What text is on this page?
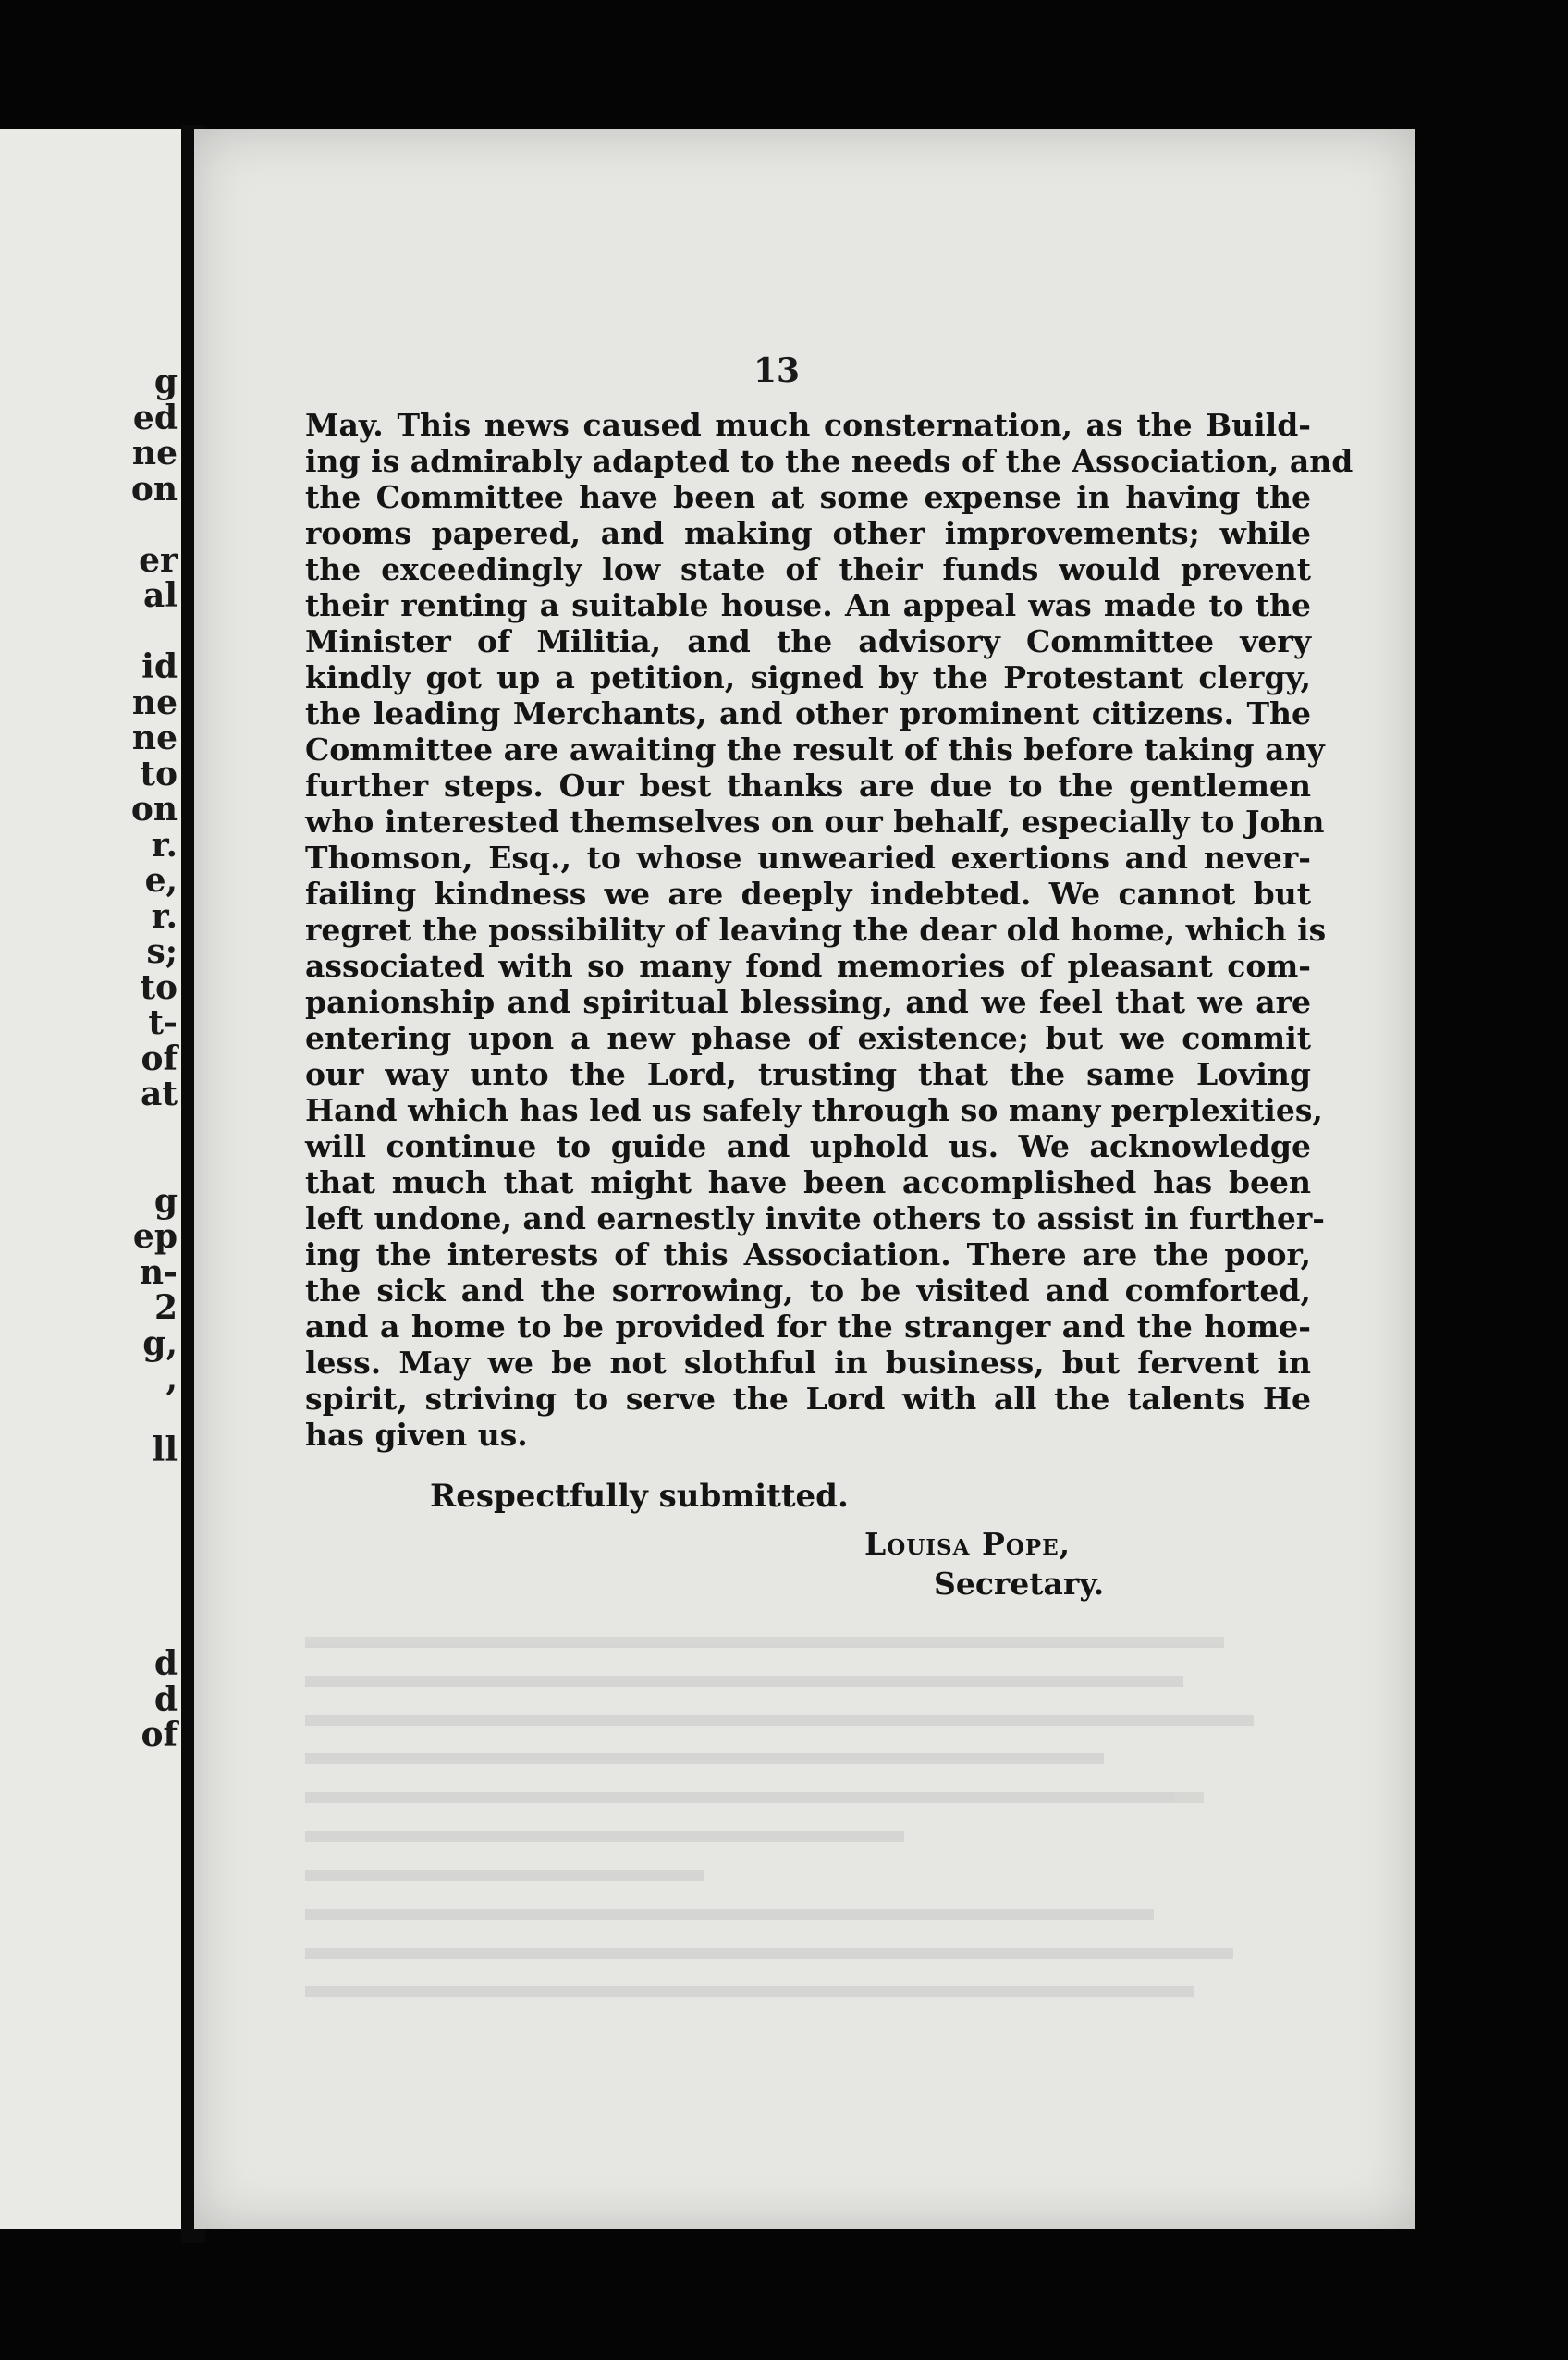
g
ed
ne
on
er
al
id
ne
ne
to
on
r.
e,
r.
s;
to
t-
of
at
g
ep
n-
2
g,
,
ll
d
d
of
13
May. This news caused much consternation, as the Build-
ing is admirably adapted to the needs of the Association, and
the Committee have been at some expense in having the
rooms papered, and making other improvements; while
the exceedingly low state of their funds would prevent
their renting a suitable house. An appeal was made to the
Minister of Militia, and the advisory Committee very
kindly got up a petition, signed by the Protestant clergy,
the leading Merchants, and other prominent citizens. The
Committee are awaiting the result of this before taking any
further steps. Our best thanks are due to the gentlemen
who interested themselves on our behalf, especially to John
Thomson, Esq., to whose unwearied exertions and never-
failing kindness we are deeply indebted. We cannot but
regret the possibility of leaving the dear old home, which is
associated with so many fond memories of pleasant com-
panionship and spiritual blessing, and we feel that we are
entering upon a new phase of existence; but we commit
our way unto the Lord, trusting that the same Loving
Hand which has led us safely through so many perplexities,
will continue to guide and uphold us. We acknowledge
that much that might have been accomplished has been
left undone, and earnestly invite others to assist in further-
ing the interests of this Association. There are the poor,
the sick and the sorrowing, to be visited and comforted,
and a home to be provided for the stranger and the home-
less. May we be not slothful in business, but fervent in
spirit, striving to serve the Lord with all the talents He
has given us.
Respectfully submitted.
Louisa Pope,
Secretary.
